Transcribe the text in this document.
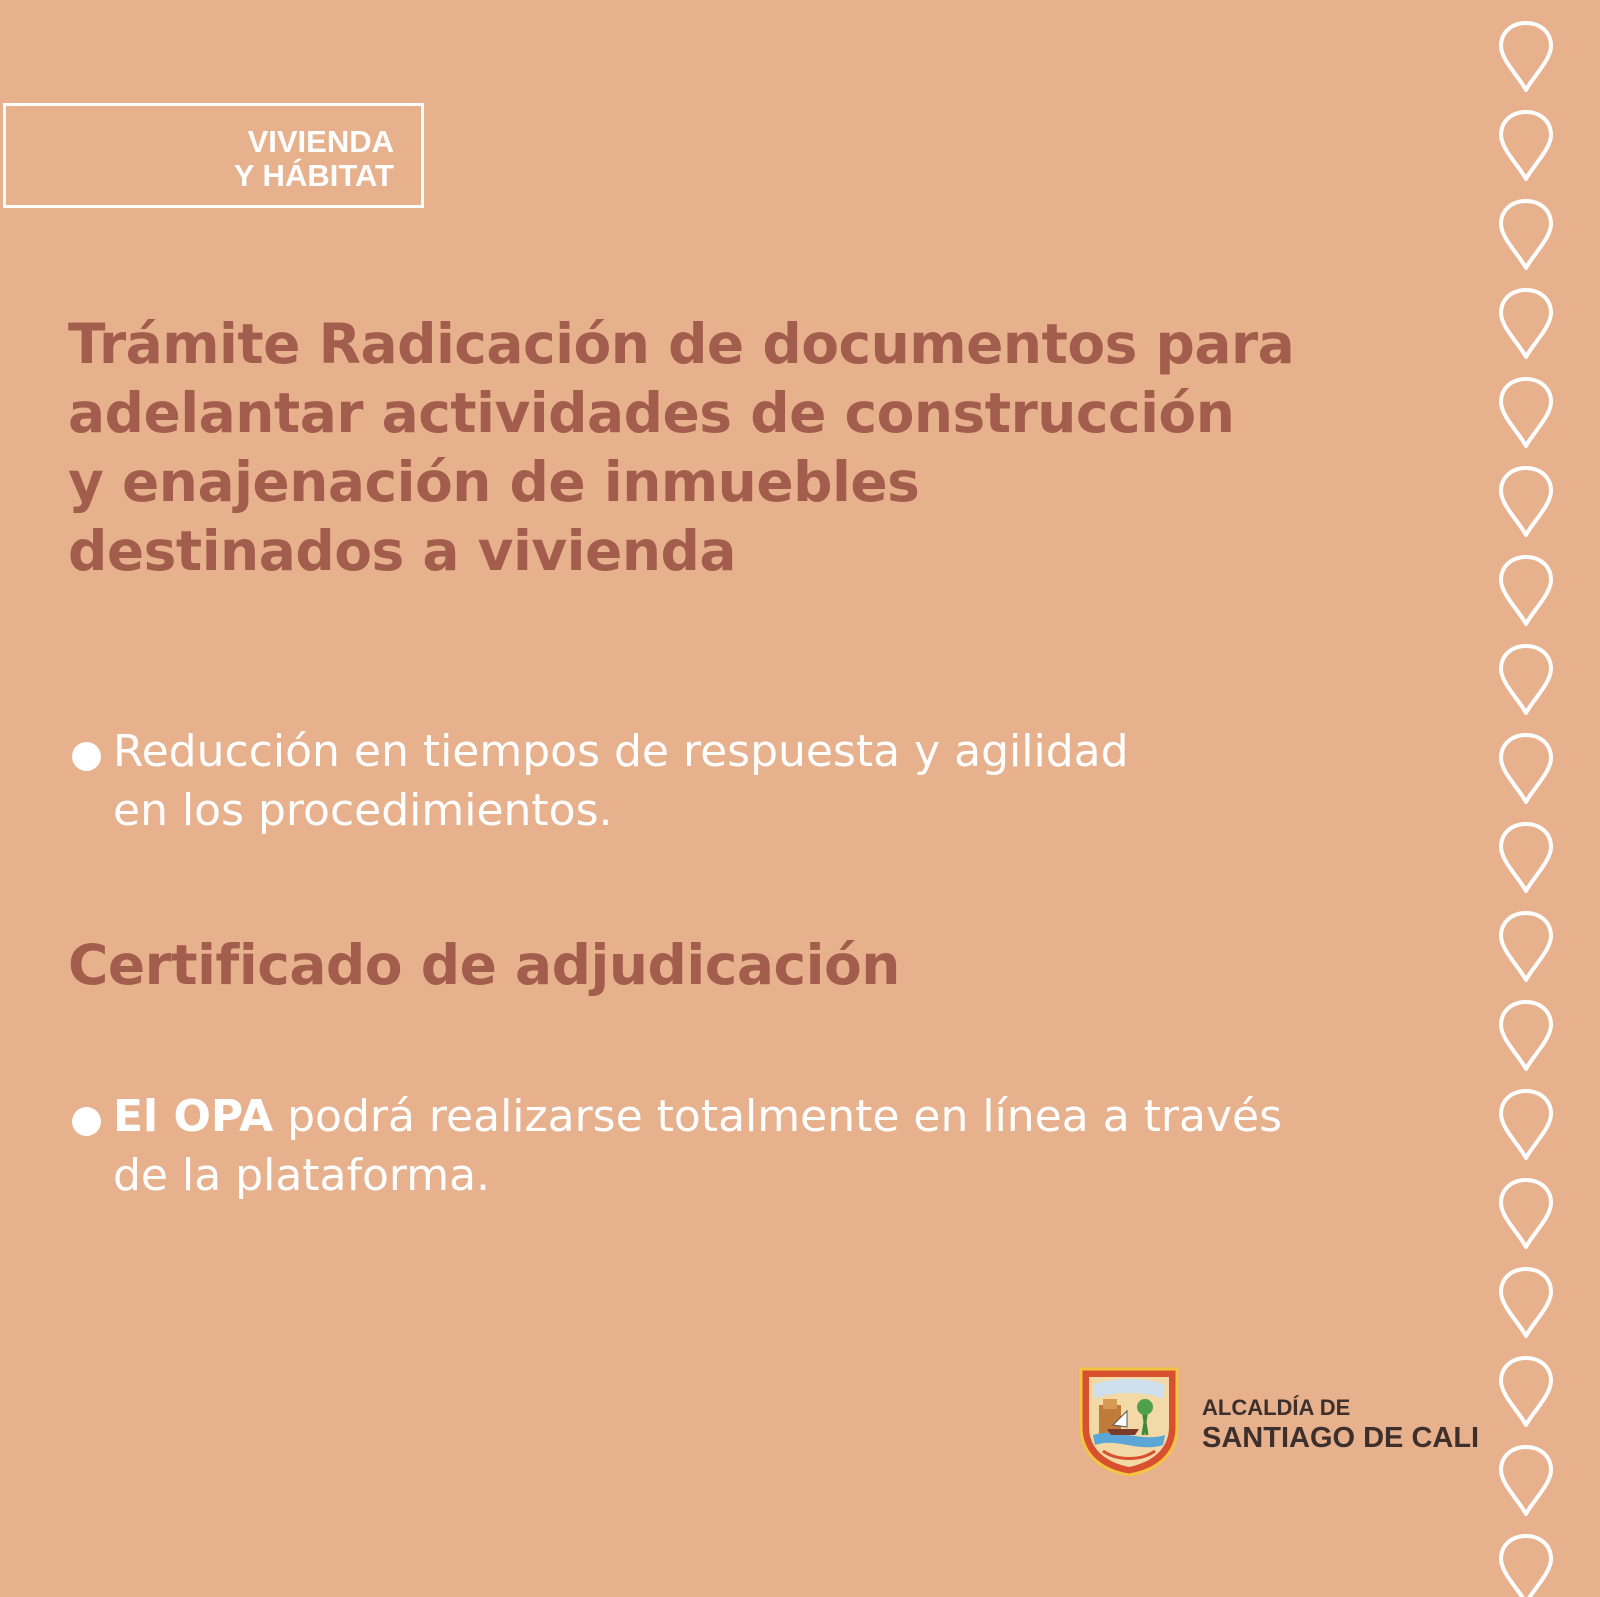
VIVIENDA
Y HÁBITAT
Trámite Radicación de documentos para
adelantar actividades de construcción
y enajenación de inmuebles
destinados a vivienda
Reducción en tiempos de respuesta y agilidad
en los procedimientos.
Certificado de adjudicación
El OPA podrá realizarse totalmente en línea a través
de la plataforma.
ALCALDÍA DE
SANTIAGO DE CALI
